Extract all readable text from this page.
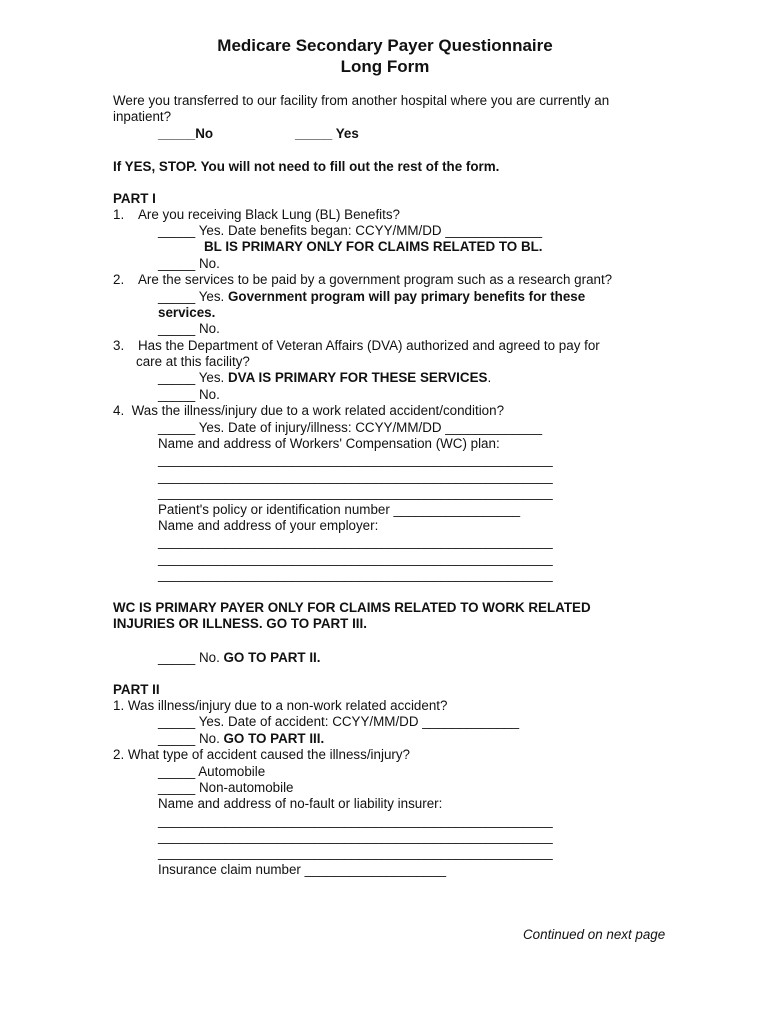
Medicare Secondary Payer Questionnaire
Long Form
Were you transferred to our facility from another hospital where you are currently an
inpatient?
_____No	_____ Yes
If YES, STOP. You will not need to fill out the rest of the form.
PART I
1. Are you receiving Black Lung (BL) Benefits?
_____ Yes. Date benefits began: CCYY/MM/DD _____________
BL IS PRIMARY ONLY FOR CLAIMS RELATED TO BL.
_____ No.
2. Are the services to be paid by a government program such as a research grant?
_____ Yes. Government program will pay primary benefits for these
services.
_____ No.
3. Has the Department of Veteran Affairs (DVA) authorized and agreed to pay for
care at this facility?
_____ Yes. DVA IS PRIMARY FOR THESE SERVICES.
_____ No.
4.  Was the illness/injury due to a work related accident/condition?
_____ Yes. Date of injury/illness: CCYY/MM/DD _____________
Name and address of Workers' Compensation (WC) plan:
_____________________________________________________
_____________________________________________________
_____________________________________________________
Patient's policy or identification number _________________
Name and address of your employer:
_____________________________________________________
_____________________________________________________
_____________________________________________________
WC IS PRIMARY PAYER ONLY FOR CLAIMS RELATED TO WORK RELATED
INJURIES OR ILLNESS. GO TO PART III.
_____ No. GO TO PART II.
PART II
1. Was illness/injury due to a non-work related accident?
_____ Yes. Date of accident: CCYY/MM/DD _____________
_____ No. GO TO PART III.
2. What type of accident caused the illness/injury?
_____ Automobile
_____ Non-automobile
Name and address of no-fault or liability insurer:
_____________________________________________________
_____________________________________________________
_____________________________________________________
Insurance claim number ___________________
Continued on next page
